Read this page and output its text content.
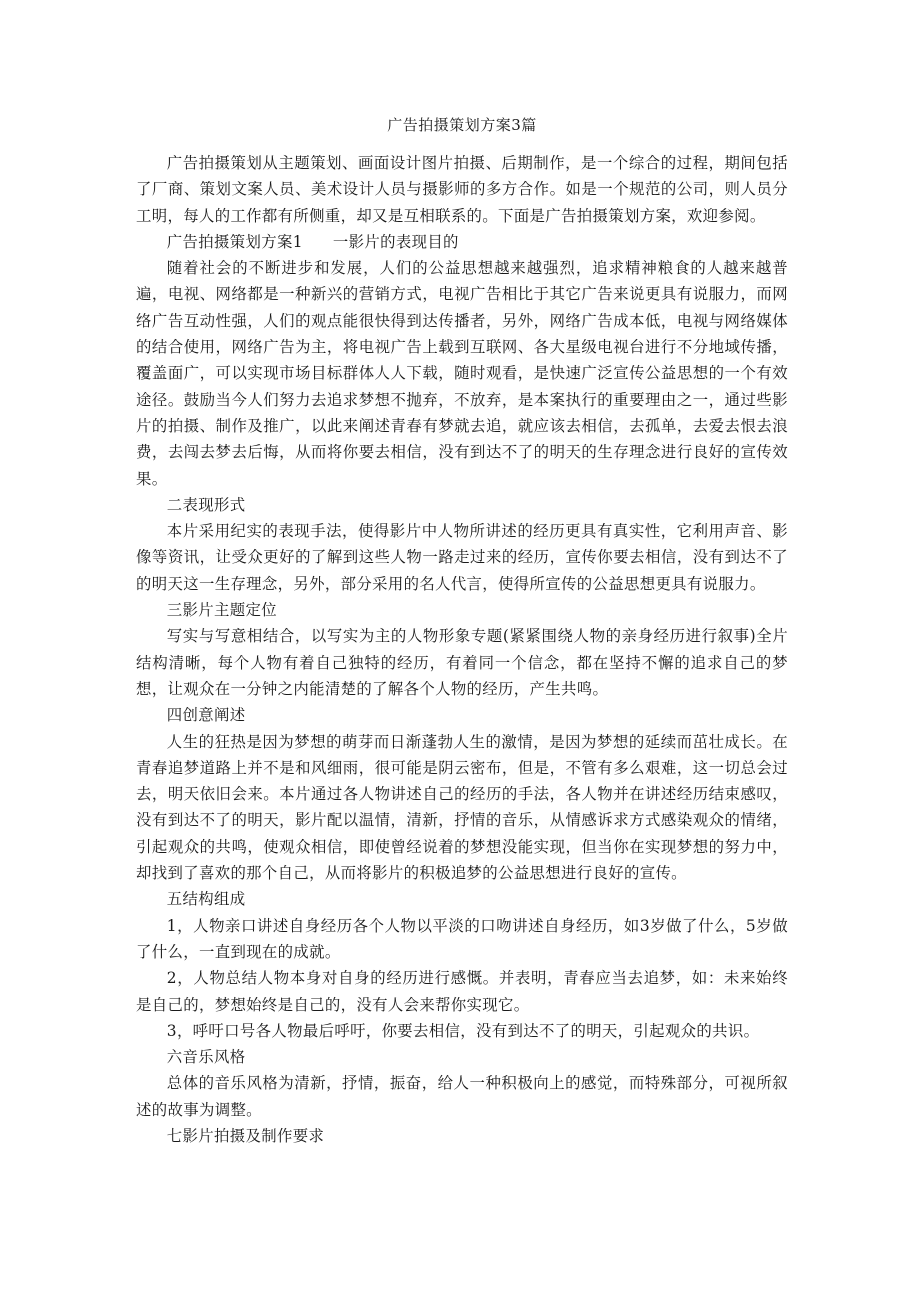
广告拍摄策划方案3篇

广告拍摄策划从主题策划、画面设计图片拍摄、后期制作，是一个综合的过程，期间包括了厂商、策划文案人员、美术设计人员与摄影师的多方合作。如是一个规范的公司，则人员分工明，每人的工作都有所侧重，却又是互相联系的。下面是广告拍摄策划方案，欢迎参阅。

广告拍摄策划方案1 一影片的表现目的

随着社会的不断进步和发展，人们的公益思想越来越强烈，追求精神粮食的人越来越普遍，电视、网络都是一种新兴的营销方式，电视广告相比于其它广告来说更具有说服力，而网络广告互动性强，人们的观点能很快得到达传播者，另外，网络广告成本低，电视与网络媒体的结合使用，网络广告为主，将电视广告上载到互联网、各大星级电视台进行不分地域传播，覆盖面广，可以实现市场目标群体人人下载，随时观看，是快速广泛宣传公益思想的一个有效途径。鼓励当今人们努力去追求梦想不抛弃，不放弃，是本案执行的重要理由之一，通过些影片的拍摄、制作及推广，以此来阐述青春有梦就去追，就应该去相信，去孤单，去爱去恨去浪费，去闯去梦去后悔，从而将你要去相信，没有到达不了的明天的生存理念进行良好的宣传效果。

二表现形式

本片采用纪实的表现手法，使得影片中人物所讲述的经历更具有真实性，它利用声音、影像等资讯，让受众更好的了解到这些人物一路走过来的经历，宣传你要去相信，没有到达不了的明天这一生存理念，另外，部分采用的名人代言，使得所宣传的公益思想更具有说服力。

三影片主题定位

写实与写意相结合，以写实为主的人物形象专题(紧紧围绕人物的亲身经历进行叙事)全片结构清晰，每个人物有着自己独特的经历，有着同一个信念，都在坚持不懈的追求自己的梦想，让观众在一分钟之内能清楚的了解各个人物的经历，产生共鸣。

四创意阐述

人生的狂热是因为梦想的萌芽而日渐蓬勃人生的激情，是因为梦想的延续而茁壮成长。在青春追梦道路上并不是和风细雨，很可能是阴云密布，但是，不管有多么艰难，这一切总会过去，明天依旧会来。本片通过各人物讲述自己的经历的手法，各人物并在讲述经历结束感叹，没有到达不了的明天，影片配以温情，清新，抒情的音乐，从情感诉求方式感染观众的情绪，引起观众的共鸣，使观众相信，即使曾经说着的梦想没能实现，但当你在实现梦想的努力中，却找到了喜欢的那个自己，从而将影片的积极追梦的公益思想进行良好的宣传。

五结构组成

1，人物亲口讲述自身经历各个人物以平淡的口吻讲述自身经历，如3岁做了什么，5岁做了什么，一直到现在的成就。

2，人物总结人物本身对自身的经历进行感慨。并表明，青春应当去追梦，如：未来始终是自己的，梦想始终是自己的，没有人会来帮你实现它。

3，呼吁口号各人物最后呼吁，你要去相信，没有到达不了的明天，引起观众的共识。

六音乐风格

总体的音乐风格为清新，抒情，振奋，给人一种积极向上的感觉，而特殊部分，可视所叙述的故事为调整。

七影片拍摄及制作要求
